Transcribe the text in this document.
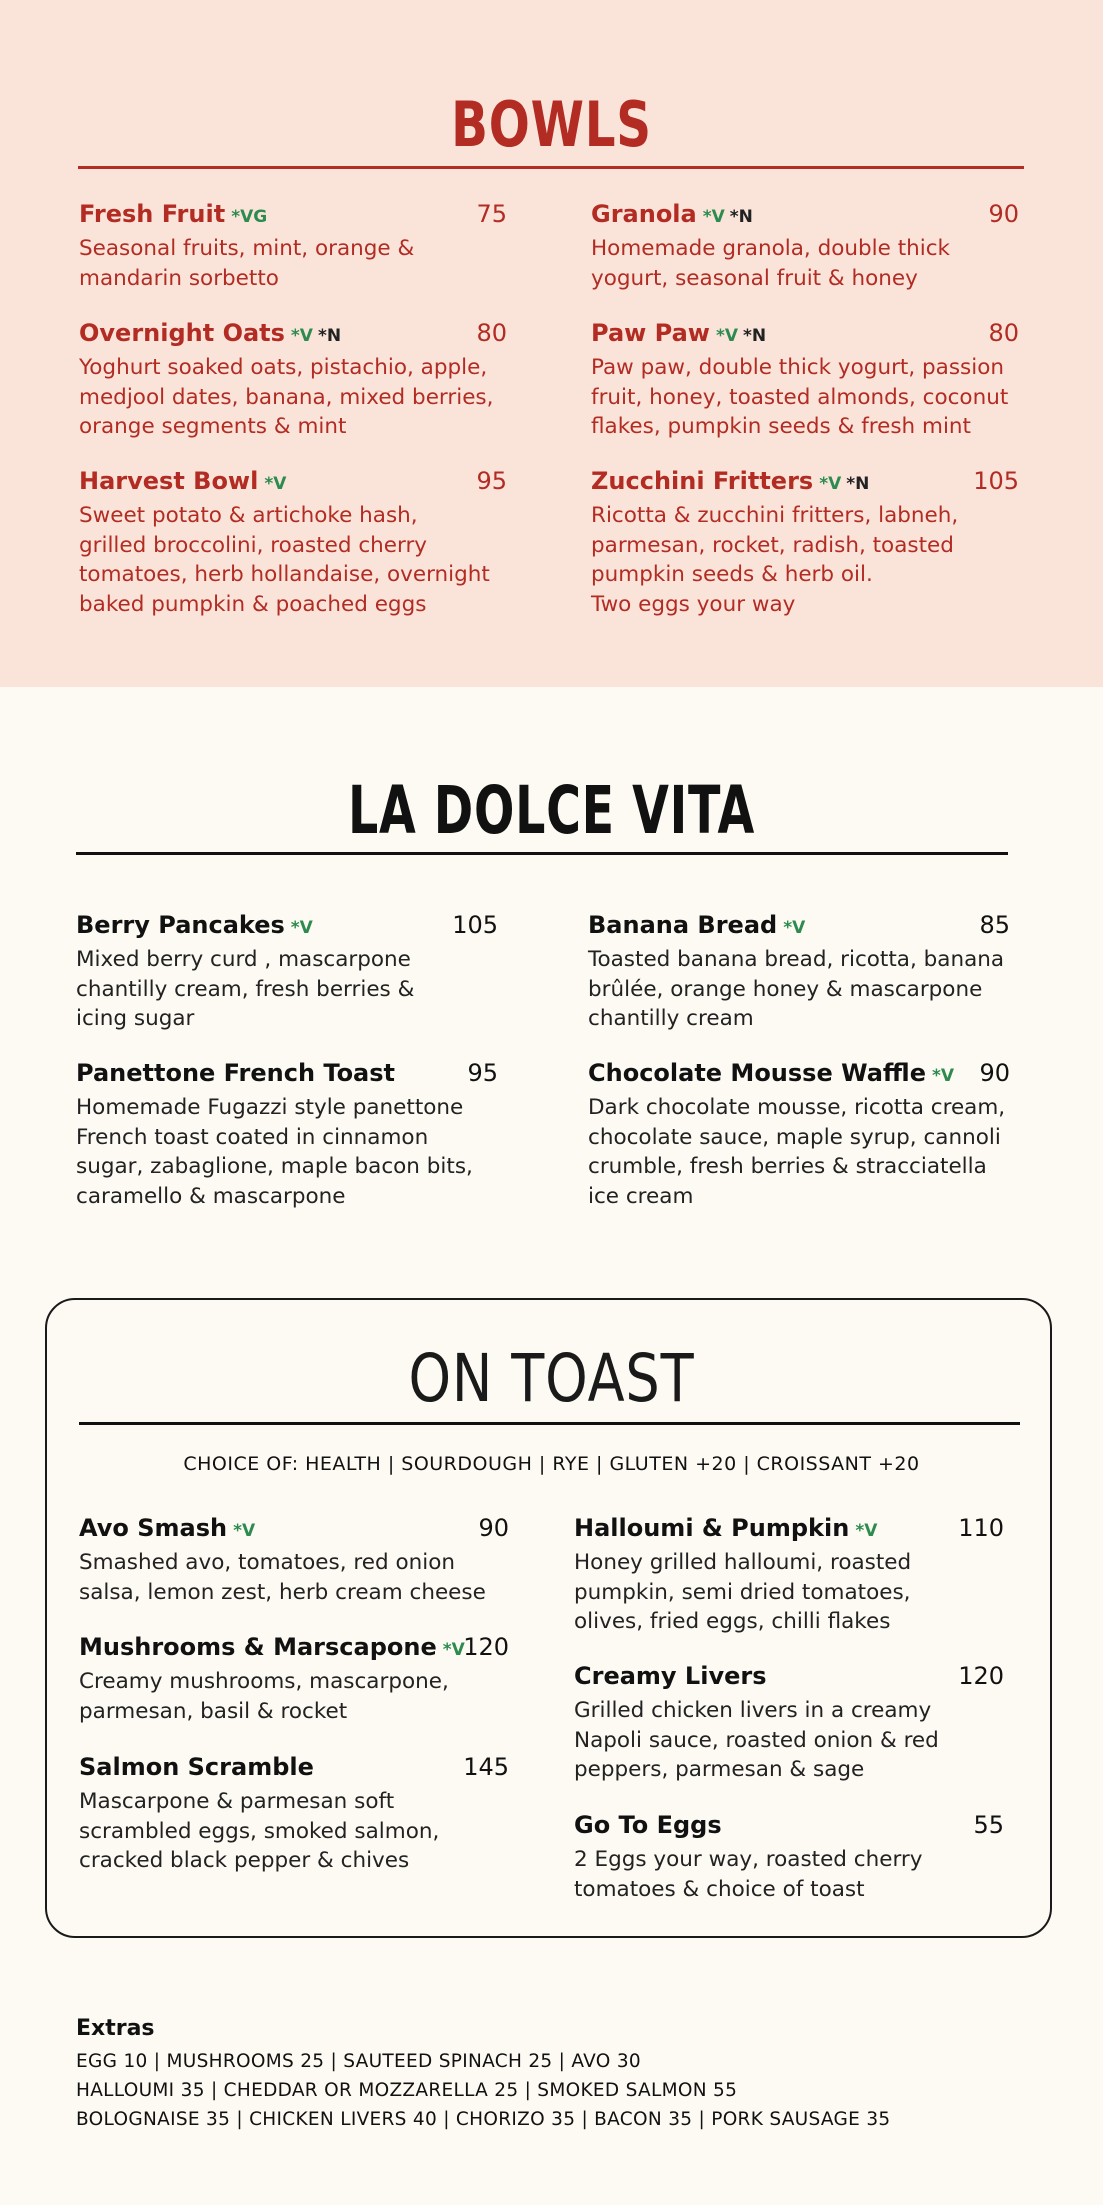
BOWLS
Fresh Fruit *VG	75
Seasonal fruits, mint, orange &
mandarin sorbetto
Granola *V *N	90
Homemade granola, double thick
yogurt, seasonal fruit & honey
Overnight Oats *V *N	80
Yoghurt soaked oats, pistachio, apple,
medjool dates, banana, mixed berries,
orange segments & mint
Paw Paw *V *N	80
Paw paw, double thick yogurt, passion
fruit, honey, toasted almonds, coconut
flakes, pumpkin seeds & fresh mint
Harvest Bowl *V	95
Sweet potato & artichoke hash,
grilled broccolini, roasted cherry
tomatoes, herb hollandaise, overnight
baked pumpkin & poached eggs
Zucchini Fritters *V *N	105
Ricotta & zucchini fritters, labneh,
parmesan, rocket, radish, toasted
pumpkin seeds & herb oil.
Two eggs your way
LA DOLCE VITA
Berry Pancakes *V	105
Mixed berry curd , mascarpone
chantilly cream, fresh berries &
icing sugar
Banana Bread *V	85
Toasted banana bread, ricotta, banana
brûlée, orange honey & mascarpone
chantilly cream
Panettone French Toast	95
Homemade Fugazzi style panettone
French toast coated in cinnamon
sugar, zabaglione, maple bacon bits,
caramello & mascarpone
Chocolate Mousse Waffle *V 90
Dark chocolate mousse, ricotta cream,
chocolate sauce, maple syrup, cannoli
crumble, fresh berries & stracciatella
ice cream
ON TOAST
CHOICE OF: HEALTH | SOURDOUGH | RYE | GLUTEN +20 | CROISSANT +20
Avo Smash *V	90
Smashed avo, tomatoes, red onion
salsa, lemon zest, herb cream cheese
Halloumi & Pumpkin *V	110
Honey grilled halloumi, roasted
pumpkin, semi dried tomatoes,
olives, fried eggs, chilli flakes
Mushrooms & Marscapone *V
120
Creamy mushrooms, mascarpone,
parmesan, basil & rocket
Creamy Livers	120
Grilled chicken livers in a creamy
Napoli sauce, roasted onion & red
peppers, parmesan & sage
Salmon Scramble	145
Mascarpone & parmesan soft
scrambled eggs, smoked salmon,
cracked black pepper & chives
Go To Eggs	55
2 Eggs your way, roasted cherry
tomatoes & choice of toast
Extras
EGG 10 | MUSHROOMS 25 | SAUTEED SPINACH 25 | AVO 30
HALLOUMI 35 | CHEDDAR OR MOZZARELLA 25 | SMOKED SALMON 55
BOLOGNAISE 35 | CHICKEN LIVERS 40 | CHORIZO 35 | BACON 35 | PORK SAUSAGE 35
